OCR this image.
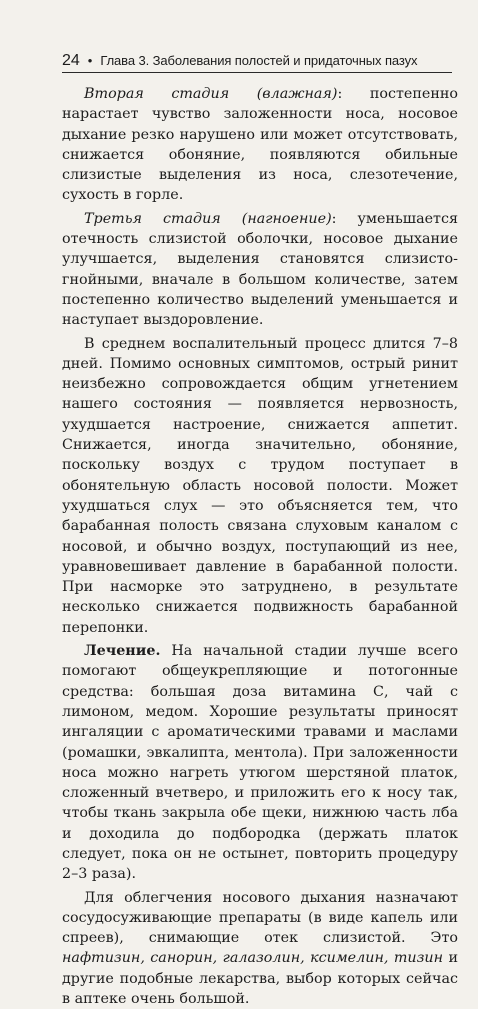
24 • Глава 3. Заболевания полостей и придаточных пазух

Вторая стадия (влажная): постепенно нарастает чувство заложенности носа, носовое дыхание резко нарушено или может отсутствовать, снижается обоняние, появляются обильные слизистые выделения из носа, слезотечение, сухость в горле.

Третья стадия (нагноение): уменьшается отечность слизистой оболочки, носовое дыхание улучшается, выделения становятся слизисто-гнойными, вначале в большом количестве, затем постепенно количество выделений уменьшается и наступает выздоровление.

В среднем воспалительный процесс длится 7–8 дней. Помимо основных симптомов, острый ринит неизбежно сопровождается общим угнетением нашего состояния — появляется нервозность, ухудшается настроение, снижается аппетит. Снижается, иногда значительно, обоняние, поскольку воздух с трудом поступает в обонятельную область носовой полости. Может ухудшаться слух — это объясняется тем, что барабанная полость связана слуховым каналом с носовой, и обычно воздух, поступающий из нее, уравновешивает давление в барабанной полости. При насморке это затруднено, в результате несколько снижается подвижность барабанной перепонки.

Лечение. На начальной стадии лучше всего помогают общеукрепляющие и потогонные средства: большая доза витамина С, чай с лимоном, медом. Хорошие результаты приносят ингаляции с ароматическими травами и маслами (ромашки, эвкалипта, ментола). При заложенности носа можно нагреть утюгом шерстяной платок, сложенный вчетверо, и приложить его к носу так, чтобы ткань закрыла обе щеки, нижнюю часть лба и доходила до подбородка (держать платок следует, пока он не остынет, повторить процедуру 2–3 раза).

Для облегчения носового дыхания назначают сосудосуживающие препараты (в виде капель или спреев), снимающие отек слизистой. Это нафтизин, санорин, галазолин, ксимелин, тизин и другие подобные лекарства, выбор которых сейчас в аптеке очень большой.
